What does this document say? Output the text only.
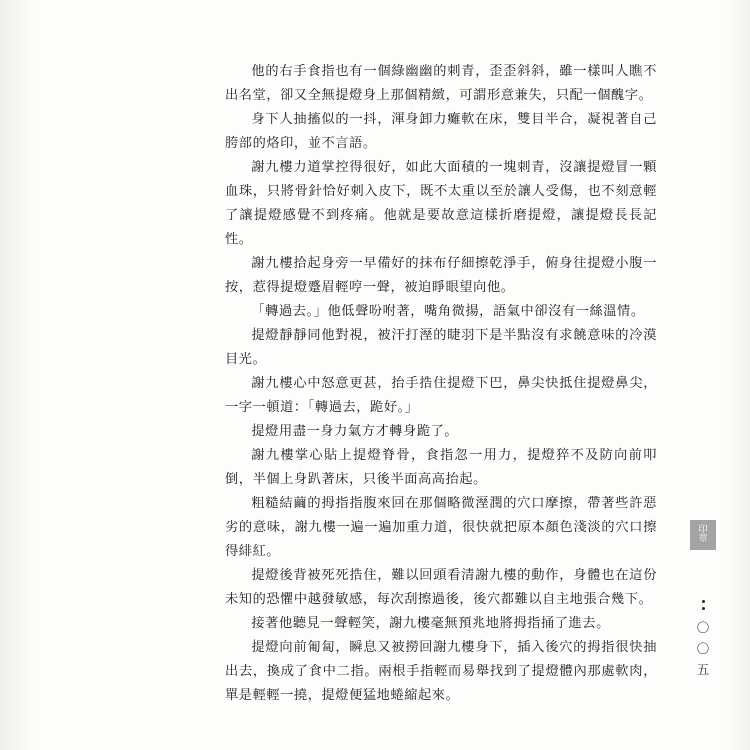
他的右手食指也有一個綠幽幽的刺青，歪歪斜斜，雖一樣叫人瞧不出名堂，卻又全無提燈身上那個精緻，可謂形意兼失，只配一個醜字。

身下人抽搐似的一抖，渾身卸力癱軟在床，雙目半合，凝視著自己胯部的烙印，並不言語。

謝九樓力道掌控得很好，如此大面積的一塊刺青，沒讓提燈冒一顆血珠，只將骨針恰好刺入皮下，既不太重以至於讓人受傷，也不刻意輕了讓提燈感覺不到疼痛。他就是要故意這樣折磨提燈，讓提燈長長記性。

謝九樓拾起身旁一早備好的抹布仔細擦乾淨手，俯身往提燈小腹一按，惹得提燈蹙眉輕哼一聲，被迫睜眼望向他。

「轉過去。」他低聲吩咐著，嘴角微揚，語氣中卻沒有一絲溫情。

提燈靜靜同他對視，被汗打溼的睫羽下是半點沒有求饒意味的冷漠目光。

謝九樓心中怒意更甚，抬手捁住提燈下巴，鼻尖快抵住提燈鼻尖，一字一頓道：「轉過去，跪好。」

提燈用盡一身力氣方才轉身跪了。

謝九樓掌心貼上提燈脊骨，食指忽一用力，提燈猝不及防向前叩倒，半個上身趴著床，只後半面高高抬起。

粗糙結繭的拇指指腹來回在那個略微溼潤的穴口摩擦，帶著些許惡劣的意味，謝九樓一遍一遍加重力道，很快就把原本顏色淺淡的穴口擦得緋紅。

提燈後背被死死捁住，難以回頭看清謝九樓的動作，身體也在這份未知的恐懼中越發敏感，每次刮擦過後，後穴都難以自主地張合幾下。

接著他聽見一聲輕笑，謝九樓毫無預兆地將拇指捅了進去。

提燈向前匍匐，瞬息又被撈回謝九樓身下，插入後穴的拇指很快抽出去，換成了食中二指。兩根手指輕而易舉找到了提燈體內那處軟肉，單是輕輕一撓，提燈便猛地蜷縮起來。

印
章
〇
〇
五
